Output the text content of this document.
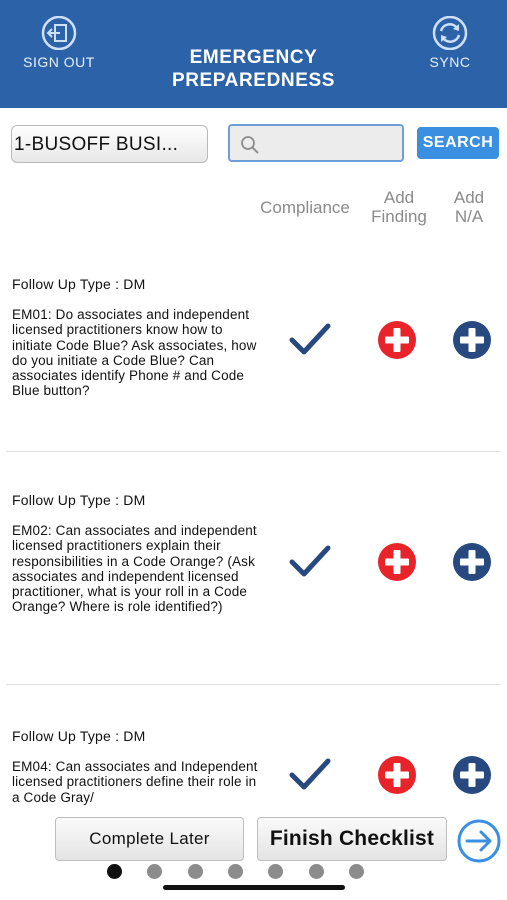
SIGN OUT	EMERGENCY
PREPAREDNESS
SYNC
1-BUSOFF BUSI...	SEARCH
Compliance
Add
Finding
Add
N/A
Follow Up Type : DM
EM01: Do associates and independent licensed practitioners know how to initiate Code Blue? Ask associates, how do you initiate a Code Blue? Can associates identify Phone # and Code Blue button?
Follow Up Type : DM
EM02: Can associates and independent licensed practitioners explain their responsibilities in a Code Orange? (Ask associates and independent licensed practitioner, what is your roll in a Code Orange? Where is role identified?)
Follow Up Type : DM
EM04: Can associates and Independent licensed practitioners define their role in a Code Gray/
Complete Later	Finish Checklist
